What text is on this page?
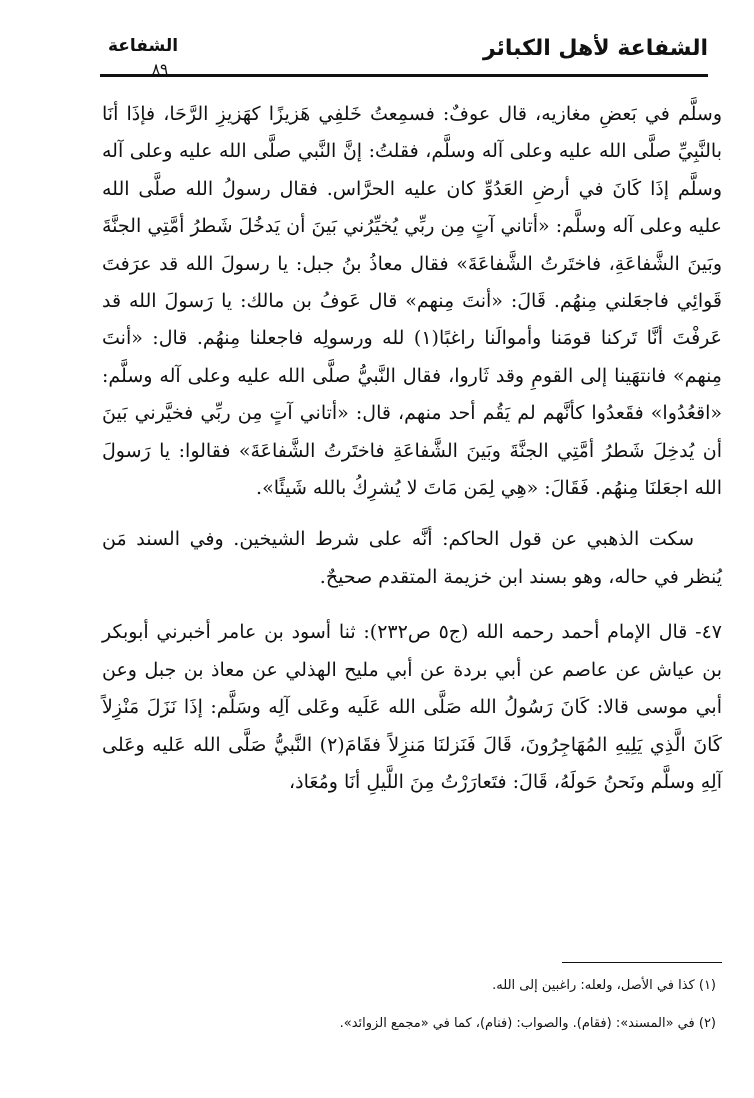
الشفاعة لأهل الكبائر
الشفاعة
٨٩

وسلَّم في بَعضِ مغازيه، قال عوفٌ: فسمِعتُ خَلفِي هَزيزًا كهَزيزِ الرَّحَا، فإذَا أنَا بالنَّبِيِّ صلَّى الله عليه وعلى آله وسلَّم، فقلتُ: إنَّ النَّبي صلَّى الله عليه وعلى آله وسلَّم إذَا كَانَ في أرضِ العَدُوِّ كان عليه الحرَّاس. فقال رسولُ الله صلَّى الله عليه وعلى آله وسلَّم: «أتاني آتٍ مِن ربِّي يُخيِّرُني بَينَ أن يَدخُلَ شَطرُ أمَّتِي الجنَّةَ وبَينَ الشَّفاعَةِ، فاختَرتُ الشَّفاعَةَ» فقال معاذُ بنُ جبل: يا رسولَ الله قد عرَفتَ قَوائِي فاجعَلني مِنهُم. قَالَ: «أنتَ مِنهم» قال عَوفُ بن مالك: يا رَسولَ الله قد عَرفْتَ أنَّا تَركنا قومَنا وأموالَنا راغبًا(١) لله ورسولِه فاجعلنا مِنهُم. قال: «أنتَ مِنهم» فانتهَينا إلى القومِ وقد ثَاروا، فقال النَّبيُّ صلَّى الله عليه وعلى آله وسلَّم: «اقعُدُوا» فقَعدُوا كأنَّهم لم يَقُم أحد منهم، قال: «أتاني آتٍ مِن ربِّي فخيَّرني بَينَ أن يُدخِلَ شَطرُ أمَّتِي الجنَّةَ وبَينَ الشَّفاعَةِ فاختَرتُ الشَّفاعَةَ» فقالوا: يا رَسولَ الله اجعَلنَا مِنهُم. فَقَالَ: «هِي لِمَن مَاتَ لا يُشرِكُ بالله شَيئًا».

سكت الذهبي عن قول الحاكم: أنَّه على شرط الشيخين. وفي السند مَن يُنظر في حاله، وهو بسند ابن خزيمة المتقدم صحيحٌ.

٤٧- قال الإمام أحمد رحمه الله (ج٥ ص٢٣٢): ثنا أسود بن عامر أخبرني أبوبكر بن عياش عن عاصم عن أبي بردة عن أبي مليح الهذلي عن معاذ بن جبل وعن أبي موسى قالا: كَانَ رَسُولُ الله صَلَّى الله عَلَيه وعَلى آلِه وسَلَّم: إذَا نَزَلَ مَنْزِلاً كَانَ الَّذِي يَلِيهِ المُهَاجِرُونَ، قَالَ فَنَزلنَا مَنزِلاً فقَامَ(٢) النَّبيُّ صَلَّى الله عَليه وعَلى آلِهِ وسلَّم ونَحنُ حَولَهُ، قَالَ: فتَعارَرْتُ مِنَ اللَّيلِ أنَا ومُعَاذ،

(١) كذا في الأصل، ولعله: راغبين إلى الله.
(٢) في «المسند»: (فقام). والصواب: (فنام)، كما في «مجمع الزوائد».
